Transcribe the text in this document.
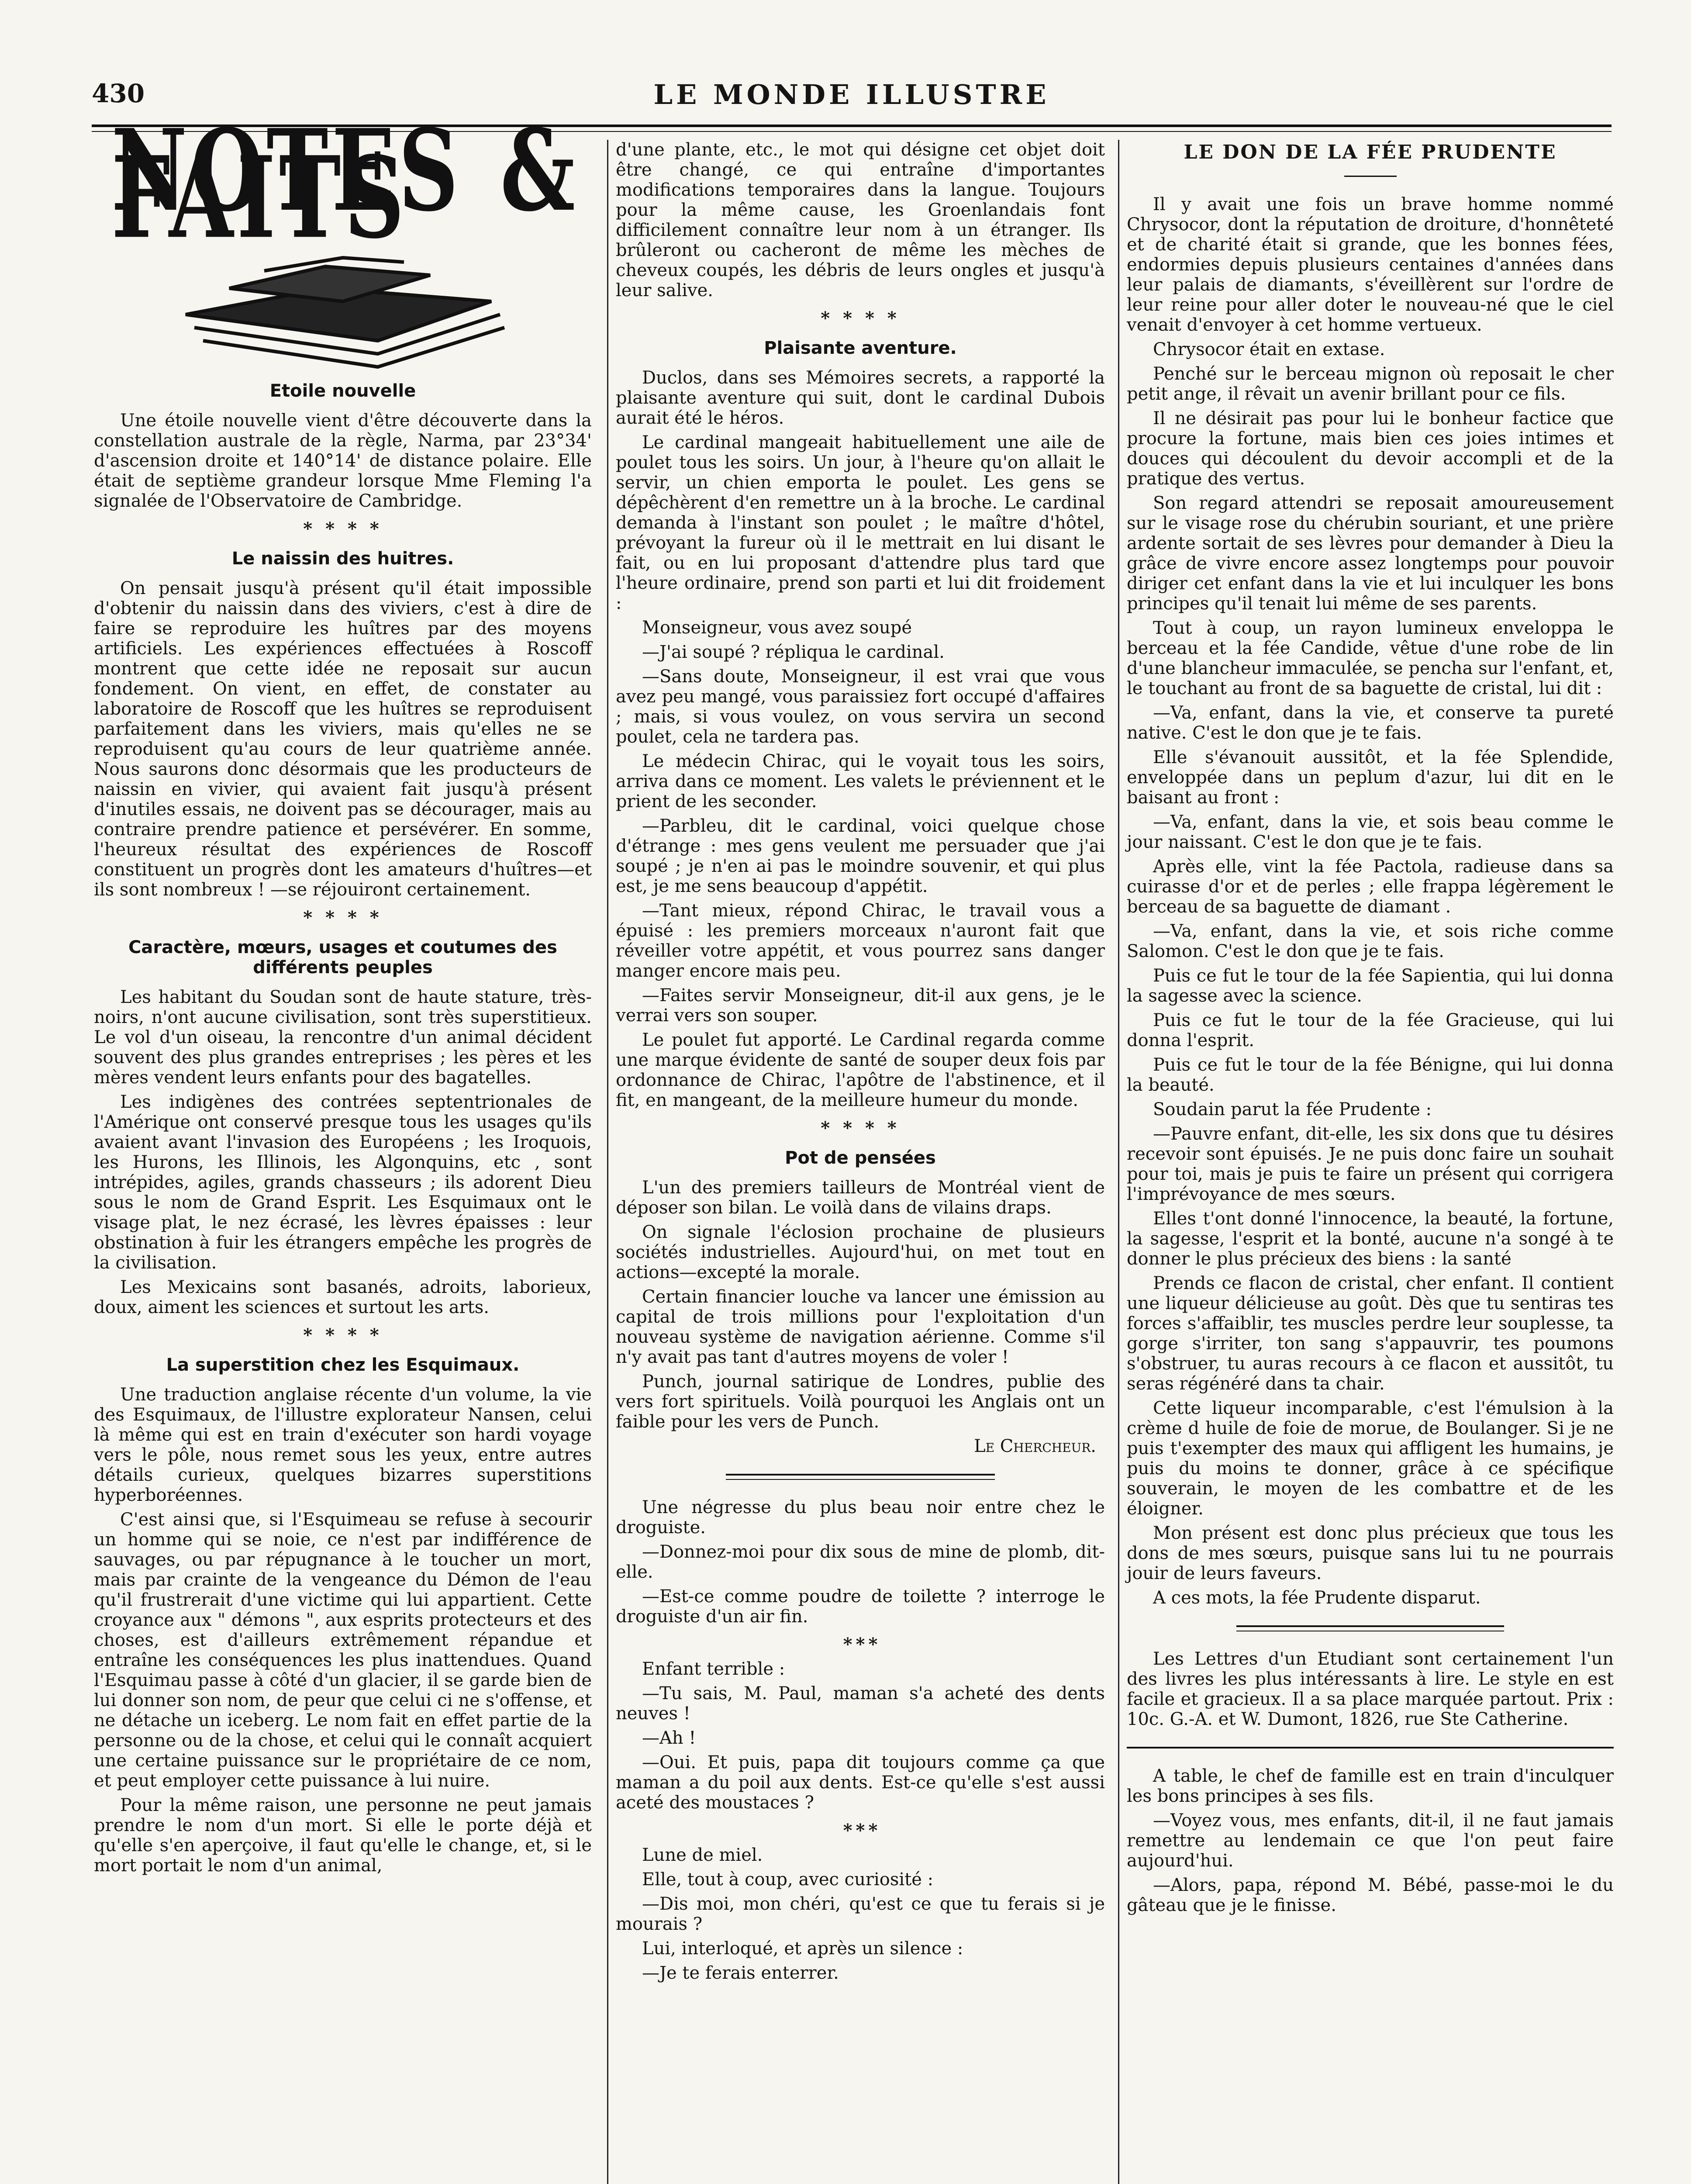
LE MONDE ILLUSTRE
430
NOTES & FAITS
Etoile nouvelle

Une étoile nouvelle vient d'être découverte dans la constellation australe de la règle, Narma, par 23°34' d'ascension droite et 140°14' de distance polaire. Elle était de septième grandeur lorsque Mme Fleming l'a signalée de l'Observatoire de Cambridge.

* * * *
Le naissin des huitres.

On pensait jusqu'à présent qu'il était impossible d'obtenir du naissin dans des viviers, c'est à dire de faire se reproduire les huîtres par des moyens artificiels. Les expériences effectuées à Roscoff montrent que cette idée ne reposait sur aucun fondement. On vient, en effet, de constater au laboratoire de Roscoff que les huîtres se reproduisent parfaitement dans les viviers, mais qu'elles ne se reproduisent qu'au cours de leur quatrième année. Nous saurons donc désormais que les producteurs de naissin en vivier, qui avaient fait jusqu'à présent d'inutiles essais, ne doivent pas se décourager, mais au contraire prendre patience et persévérer. En somme, l'heureux résultat des expériences de Roscoff constituent un progrès dont les amateurs d'huîtres—et ils sont nombreux ! —se réjouiront certainement.

* * * *
Caractère, mœurs, usages et coutumes des différents peuples

Les habitant du Soudan sont de haute stature, très-noirs, n'ont aucune civilisation, sont très superstitieux. Le vol d'un oiseau, la rencontre d'un animal décident souvent des plus grandes entreprises ; les pères et les mères vendent leurs enfants pour des bagatelles.

Les indigènes des contrées septentrionales de l'Amérique ont conservé presque tous les usages qu'ils avaient avant l'invasion des Européens ; les Iroquois, les Hurons, les Illinois, les Algonquins, etc , sont intrépides, agiles, grands chasseurs ; ils adorent Dieu sous le nom de Grand Esprit. Les Esquimaux ont le visage plat, le nez écrasé, les lèvres épaisses : leur obstination à fuir les étrangers empêche les progrès de la civilisation.

Les Mexicains sont basanés, adroits, laborieux, doux, aiment les sciences et surtout les arts.

* * * *
La superstition chez les Esquimaux.

Une traduction anglaise récente d'un volume, la vie des Esquimaux, de l'illustre explorateur Nansen, celui là même qui est en train d'exécuter son hardi voyage vers le pôle, nous remet sous les yeux, entre autres détails curieux, quelques bizarres superstitions hyperboréennes.

C'est ainsi que, si l'Esquimeau se refuse à secourir un homme qui se noie, ce n'est par indifférence de sauvages, ou par répugnance à le toucher un mort, mais par crainte de la vengeance du Démon de l'eau qu'il frustrerait d'une victime qui lui appartient. Cette croyance aux " démons ", aux esprits protecteurs et des choses, est d'ailleurs extrêmement répandue et entraîne les conséquences les plus inattendues. Quand l'Esquimau passe à côté d'un glacier, il se garde bien de lui donner son nom, de peur que celui ci ne s'offense, et ne détache un iceberg. Le nom fait en effet partie de la personne ou de la chose, et celui qui le connaît acquiert une certaine puissance sur le propriétaire de ce nom, et peut employer cette puissance à lui nuire.

Pour la même raison, une personne ne peut jamais prendre le nom d'un mort. Si elle le porte déjà et qu'elle s'en aperçoive, il faut qu'elle le change, et, si le mort portait le nom d'un animal,

d'une plante, etc., le mot qui désigne cet objet doit être changé, ce qui entraîne d'importantes modifications temporaires dans la langue. Toujours pour la même cause, les Groenlandais font difficilement connaître leur nom à un étranger. Ils brûleront ou cacheront de même les mèches de cheveux coupés, les débris de leurs ongles et jusqu'à leur salive.

* * * *
Plaisante aventure.

Duclos, dans ses Mémoires secrets, a rapporté la plaisante aventure qui suit, dont le cardinal Dubois aurait été le héros.

Le cardinal mangeait habituellement une aile de poulet tous les soirs. Un jour, à l'heure qu'on allait le servir, un chien emporta le poulet. Les gens se dépêchèrent d'en remettre un à la broche. Le cardinal demanda à l'instant son poulet ; le maître d'hôtel, prévoyant la fureur où il le mettrait en lui disant le fait, ou en lui proposant d'attendre plus tard que l'heure ordinaire, prend son parti et lui dit froidement :

Monseigneur, vous avez soupé

—J'ai soupé ? répliqua le cardinal.

—Sans doute, Monseigneur, il est vrai que vous avez peu mangé, vous paraissiez fort occupé d'affaires ; mais, si vous voulez, on vous servira un second poulet, cela ne tardera pas.

Le médecin Chirac, qui le voyait tous les soirs, arriva dans ce moment. Les valets le préviennent et le prient de les seconder.

—Parbleu, dit le cardinal, voici quelque chose d'étrange : mes gens veulent me persuader que j'ai soupé ; je n'en ai pas le moindre souvenir, et qui plus est, je me sens beaucoup d'appétit.

—Tant mieux, répond Chirac, le travail vous a épuisé : les premiers morceaux n'auront fait que réveiller votre appétit, et vous pourrez sans danger manger encore mais peu.

—Faites servir Monseigneur, dit-il aux gens, je le verrai vers son souper.

Le poulet fut apporté. Le Cardinal regarda comme une marque évidente de santé de souper deux fois par ordonnance de Chirac, l'apôtre de l'abstinence, et il fit, en mangeant, de la meilleure humeur du monde.

* * * *
Pot de pensées

L'un des premiers tailleurs de Montréal vient de déposer son bilan. Le voilà dans de vilains draps.

On signale l'éclosion prochaine de plusieurs sociétés industrielles. Aujourd'hui, on met tout en actions—excepté la morale.

Certain financier louche va lancer une émission au capital de trois millions pour l'exploitation d'un nouveau système de navigation aérienne. Comme s'il n'y avait pas tant d'autres moyens de voler !

Punch, journal satirique de Londres, publie des vers fort spirituels. Voilà pourquoi les Anglais ont un faible pour les vers de Punch.

Le Chercheur.

Une négresse du plus beau noir entre chez le droguiste.

—Donnez-moi pour dix sous de mine de plomb, dit-elle.

—Est-ce comme poudre de toilette ? interroge le droguiste d'un air fin.

* * *

Enfant terrible :

—Tu sais, M. Paul, maman s'a acheté des dents neuves !

—Ah !

—Oui. Et puis, papa dit toujours comme ça que maman a du poil aux dents. Est-ce qu'elle s'est aussi aceté des moustaces ?

* * *

Lune de miel.

Elle, tout à coup, avec curiosité :

—Dis moi, mon chéri, qu'est ce que tu ferais si je mourais ?

Lui, interloqué, et après un silence :

—Je te ferais enterrer.

LE DON DE LA FÉE PRUDENTE

Il y avait une fois un brave homme nommé Chrysocor, dont la réputation de droiture, d'honnêteté et de charité était si grande, que les bonnes fées, endormies depuis plusieurs centaines d'années dans leur palais de diamants, s'éveillèrent sur l'ordre de leur reine pour aller doter le nouveau-né que le ciel venait d'envoyer à cet homme vertueux.

Chrysocor était en extase.

Penché sur le berceau mignon où reposait le cher petit ange, il rêvait un avenir brillant pour ce fils.

Il ne désirait pas pour lui le bonheur factice que procure la fortune, mais bien ces joies intimes et douces qui découlent du devoir accompli et de la pratique des vertus.

Son regard attendri se reposait amoureusement sur le visage rose du chérubin souriant, et une prière ardente sortait de ses lèvres pour demander à Dieu la grâce de vivre encore assez longtemps pour pouvoir diriger cet enfant dans la vie et lui inculquer les bons principes qu'il tenait lui même de ses parents.

Tout à coup, un rayon lumineux enveloppa le berceau et la fée Candide, vêtue d'une robe de lin d'une blancheur immaculée, se pencha sur l'enfant, et, le touchant au front de sa baguette de cristal, lui dit :

—Va, enfant, dans la vie, et conserve ta pureté native. C'est le don que je te fais.

Elle s'évanouit aussitôt, et la fée Splendide, enveloppée dans un peplum d'azur, lui dit en le baisant au front :

—Va, enfant, dans la vie, et sois beau comme le jour naissant. C'est le don que je te fais.

Après elle, vint la fée Pactola, radieuse dans sa cuirasse d'or et de perles ; elle frappa légèrement le berceau de sa baguette de diamant .

—Va, enfant, dans la vie, et sois riche comme Salomon. C'est le don que je te fais.

Puis ce fut le tour de la fée Sapientia, qui lui donna la sagesse avec la science.

Puis ce fut le tour de la fée Gracieuse, qui lui donna l'esprit.

Puis ce fut le tour de la fée Bénigne, qui lui donna la beauté.

Soudain parut la fée Prudente :

—Pauvre enfant, dit-elle, les six dons que tu désires recevoir sont épuisés. Je ne puis donc faire un souhait pour toi, mais je puis te faire un présent qui corrigera l'imprévoyance de mes sœurs.

Elles t'ont donné l'innocence, la beauté, la fortune, la sagesse, l'esprit et la bonté, aucune n'a songé à te donner le plus précieux des biens : la santé

Prends ce flacon de cristal, cher enfant. Il contient une liqueur délicieuse au goût. Dès que tu sentiras tes forces s'affaiblir, tes muscles perdre leur souplesse, ta gorge s'irriter, ton sang s'appauvrir, tes poumons s'obstruer, tu auras recours à ce flacon et aussitôt, tu seras régénéré dans ta chair.

Cette liqueur incomparable, c'est l'émulsion à la crème d huile de foie de morue, de Boulanger. Si je ne puis t'exempter des maux qui affligent les humains, je puis du moins te donner, grâce à ce spécifique souverain, le moyen de les combattre et de les éloigner.

Mon présent est donc plus précieux que tous les dons de mes sœurs, puisque sans lui tu ne pourrais jouir de leurs faveurs.

A ces mots, la fée Prudente disparut.

Les Lettres d'un Etudiant sont certainement l'un des livres les plus intéressants à lire. Le style en est facile et gracieux. Il a sa place marquée partout. Prix : 10c. G.-A. et W. Dumont, 1826, rue Ste Catherine.

A table, le chef de famille est en train d'inculquer les bons principes à ses fils.

—Voyez vous, mes enfants, dit-il, il ne faut jamais remettre au lendemain ce que l'on peut faire aujourd'hui.

—Alors, papa, répond M. Bébé, passe-moi le du gâteau que je le finisse.
